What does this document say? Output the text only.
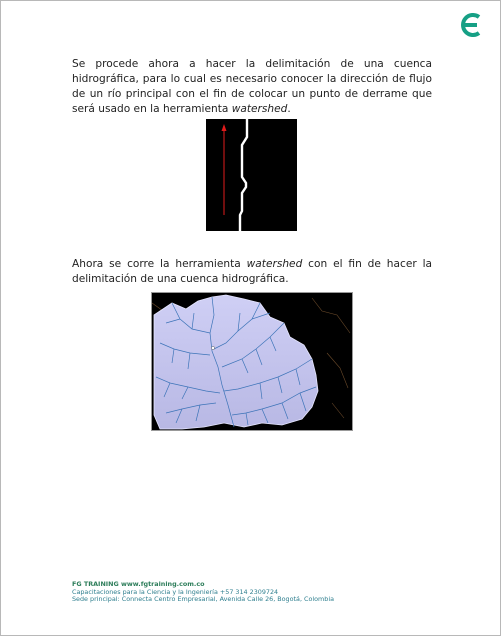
Se procede ahora a hacer la delimitación de una cuenca hidrográfica, para lo cual es necesario conocer la dirección de flujo de un río principal con el fin de colocar un punto de derrame que será usado en la herramienta watershed.

Ahora se corre la herramienta watershed con el fin de hacer la delimitación de una cuenca hidrográfica.

FG TRAINING www.fgtraining.com.co
Capacitaciones para la Ciencia y la Ingeniería +57 314 2309724
Sede principal: Connecta Centro Empresarial, Avenida Calle 26, Bogotá, Colombia
